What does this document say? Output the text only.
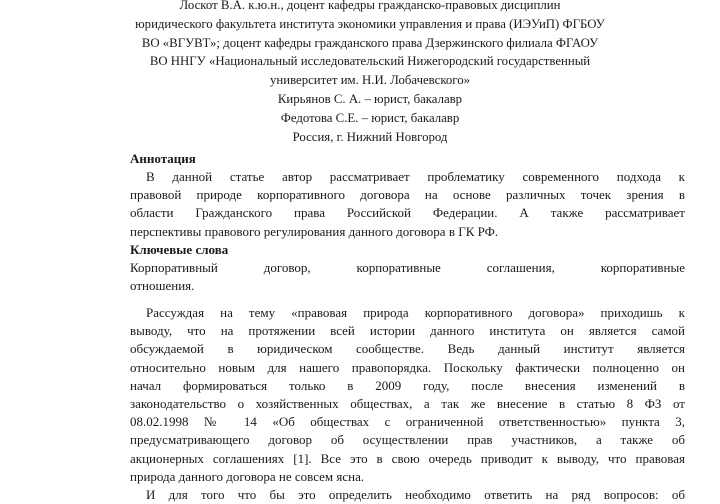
Лоскот В.А. к.ю.н., доцент кафедры гражданско-правовых дисциплин
юридического факультета института экономики управления и права (ИЭУиП) ФГБОУ
ВО «ВГУВТ»; доцент кафедры гражданского права Дзержинского филиала ФГАОУ
ВО ННГУ «Национальный исследовательский Нижегородский государственный
университет им. Н.И. Лобачевского»
Кирьянов С. А. – юрист, бакалавр
Федотова С.Е. – юрист, бакалавр
Россия, г. Нижний Новгород
Аннотация
В данной статье автор рассматривает проблематику современного подхода к
правовой природе корпоративного договора на основе различных точек зрения в
области Гражданского права Российской Федерации. А также рассматривает
перспективы правового регулирования данного договора в ГК РФ.
Ключевые слова
Корпоративный договор, корпоративные соглашения, корпоративные
отношения.
Рассуждая на тему «правовая природа корпоративного договора» приходишь к
выводу, что на протяжении всей истории данного института он является самой
обсуждаемой в юридическом сообществе. Ведь данный институт является
относительно новым для нашего правопорядка. Поскольку фактически полноценно он
начал формироваться только в 2009 году, после внесения изменений в
законодательство о хозяйственных обществах, а так же внесение в статью 8 ФЗ от
08.02.1998 № 14 «Об обществах с ограниченной ответственностью» пункта 3,
предусматривающего договор об осуществлении прав участников, а также об
акционерных соглашениях [1]. Все это в свою очередь приводит к выводу, что правовая
природа данного договора не совсем ясна.
И для того что бы это определить необходимо ответить на ряд вопросов: об
